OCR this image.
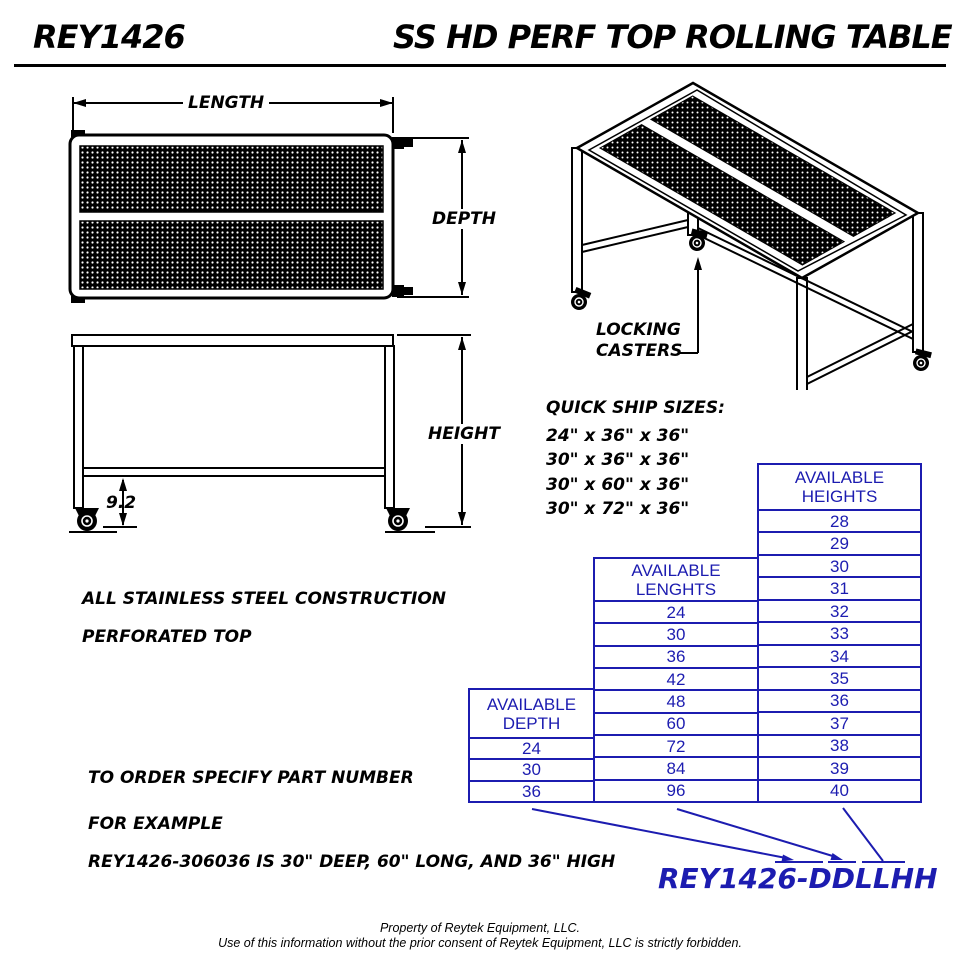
REY1426	SS HD PERF TOP ROLLING TABLE
LENGTH
DEPTH
HEIGHT
9.2
LOCKING
CASTERS
QUICK SHIP SIZES:
24" x 36" x 36"
30" x 36" x 36"
30" x 60" x 36"
30" x 72" x 36"
ALL STAINLESS STEEL CONSTRUCTION
PERFORATED TOP
AVAILABLE
HEIGHTS
28
29
30
31
32
33
34
35
36
37
38
39
40
AVAILABLE
LENGHTS
24
30
36
42
48
60
72
84
96
AVAILABLE
DEPTH
24
30
36
TO ORDER SPECIFY PART NUMBER
FOR EXAMPLE
REY1426-306036 IS 30" DEEP, 60" LONG, AND 36" HIGH REY1426-DDLLHH
Property of Reytek Equipment, LLC.
Use of this information without the prior consent of Reytek Equipment, LLC is strictly forbidden.
